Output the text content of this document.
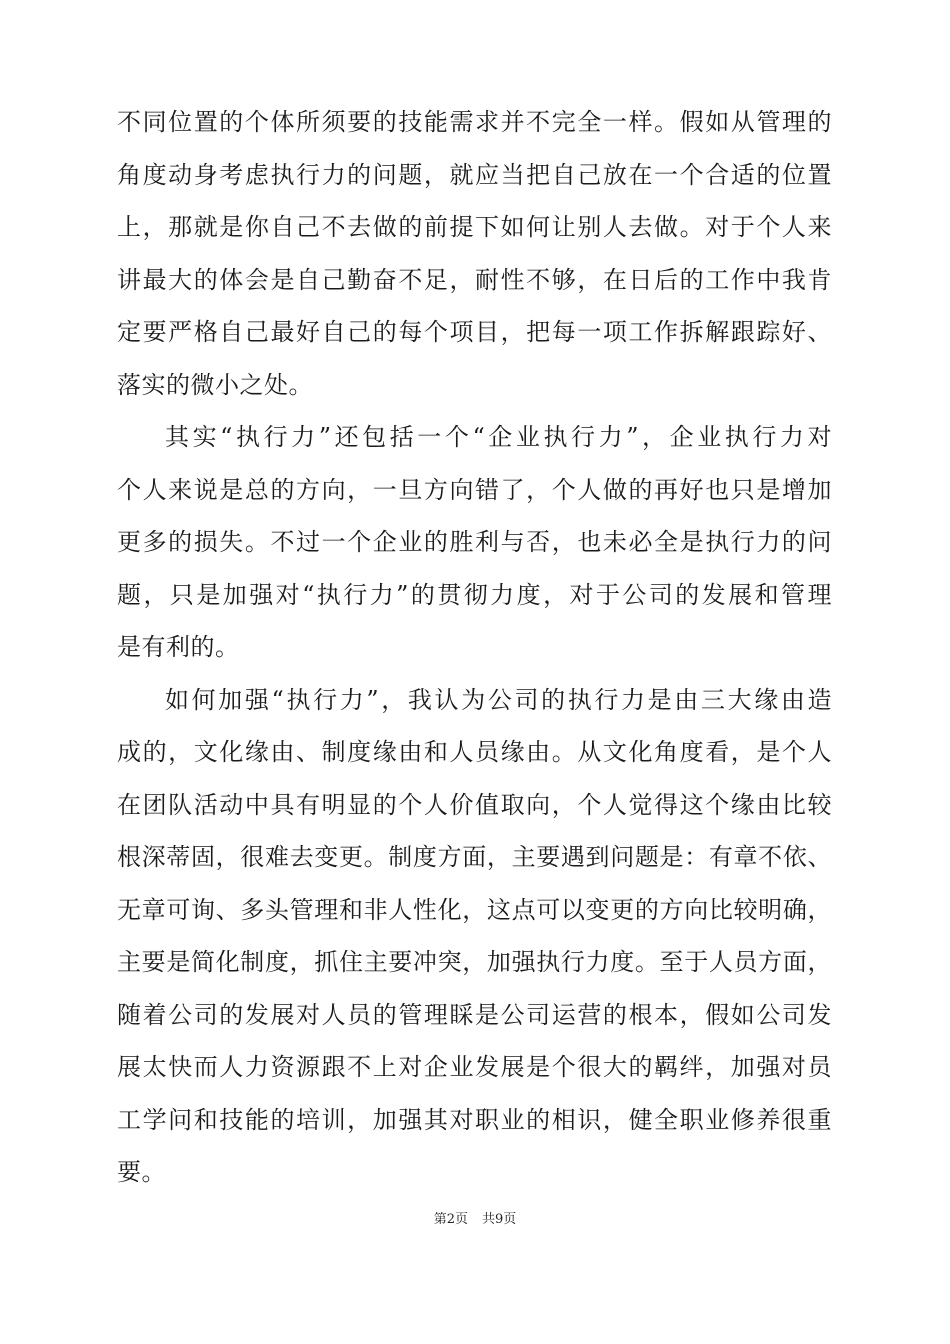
不同位置的个体所须要的技能需求并不完全一样。假如从管理的
角度动身考虑执行力的问题，就应当把自己放在一个合适的位置
上，那就是你自己不去做的前提下如何让别人去做。对于个人来
讲最大的体会是自己勤奋不足，耐性不够，在日后的工作中我肯
定要严格自己最好自己的每个项目，把每一项工作拆解跟踪好、
落实的微小之处。
其实“执行力”还包括一个“企业执行力”，企业执行力对
个人来说是总的方向，一旦方向错了，个人做的再好也只是增加
更多的损失。不过一个企业的胜利与否，也未必全是执行力的问
题，只是加强对“执行力”的贯彻力度，对于公司的发展和管理
是有利的。
如何加强“执行力”，我认为公司的执行力是由三大缘由造
成的，文化缘由、制度缘由和人员缘由。从文化角度看，是个人
在团队活动中具有明显的个人价值取向，个人觉得这个缘由比较
根深蒂固，很难去变更。制度方面，主要遇到问题是：有章不依、
无章可询、多头管理和非人性化，这点可以变更的方向比较明确，
主要是简化制度，抓住主要冲突，加强执行力度。至于人员方面，
随着公司的发展对人员的管理睬是公司运营的根本，假如公司发
展太快而人力资源跟不上对企业发展是个很大的羁绊，加强对员
工学问和技能的培训，加强其对职业的相识，健全职业修养很重
要。
第2页 共9页
